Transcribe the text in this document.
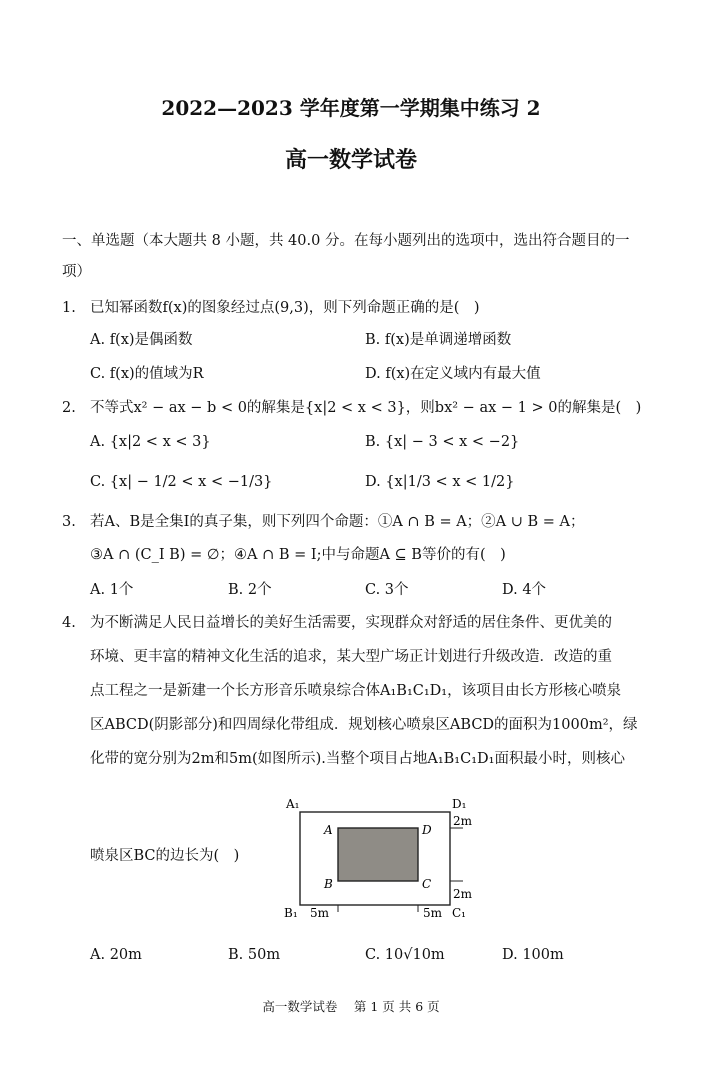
2022—2023 学年度第一学期集中练习 2
高一数学试卷
一、单选题（本大题共 8 小题，共 40.0 分。在每小题列出的选项中，选出符合题目的一
项）
1. 已知幂函数f(x)的图象经过点(9,3)，则下列命题正确的是(　)
A. f(x)是偶函数	B. f(x)是单调递增函数
C. f(x)的值域为R	D. f(x)在定义域内有最大值
2. 不等式x² − ax − b < 0的解集是{x|2 < x < 3}，则bx² − ax − 1 > 0的解集是(　)
A. {x|2 < x < 3}	B. {x| − 3 < x < −2}
C. {x| − 1/2 < x < −1/3}	D. {x|1/3 < x < 1/2}
3. 若A、B是全集I的真子集，则下列四个命题：①A ∩ B = A；②A ∪ B = A；
③A ∩ (C_I B) = ∅；④A ∩ B = I;中与命题A ⊆ B等价的有(　)
A. 1个	B. 2个	C. 3个	D. 4个
4. 为不断满足人民日益增长的美好生活需要，实现群众对舒适的居住条件、更优美的
环境、更丰富的精神文化生活的追求，某大型广场正计划进行升级改造．改造的重
点工程之一是新建一个长方形音乐喷泉综合体A₁B₁C₁D₁，该项目由长方形核心喷泉
区ABCD(阴影部分)和四周绿化带组成．规划核心喷泉区ABCD的面积为1000m²，绿
化带的宽分别为2m和5m(如图所示).当整个项目占地A₁B₁C₁D₁面积最小时，则核心
喷泉区BC的边长为(　)
A₁	D₁
A	D
B	C
B₁	C₁
2m
2m
5m	5m
A. 20m	B. 50m	C. 10√10m	D. 100m
高一数学试卷　 第 1 页 共 6 页
